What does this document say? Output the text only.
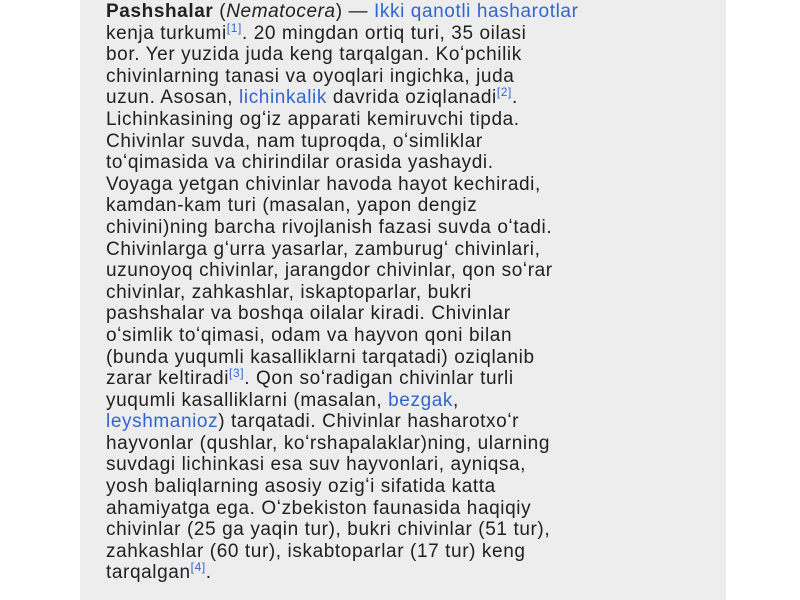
Pashshalar (Nematocera) — Ikki qanotli hasharotlar
kenja turkumi[1]. 20 mingdan ortiq turi, 35 oilasi
bor. Yer yuzida juda keng tarqalgan. Koʻpchilik
chivinlarning tanasi va oyoqlari ingichka, juda
uzun. Asosan, lichinkalik davrida oziqlanadi[2].
Lichinkasining ogʻiz apparati kemiruvchi tipda.
Chivinlar suvda, nam tuproqda, oʻsimliklar
toʻqimasida va chirindilar orasida yashaydi.
Voyaga yetgan chivinlar havoda hayot kechiradi,
kamdan-kam turi (masalan, yapon dengiz
chivini)ning barcha rivojlanish fazasi suvda oʻtadi.
Chivinlarga gʻurra yasarlar, zamburugʻ chivinlari,
uzunoyoq chivinlar, jarangdor chivinlar, qon soʻrar
chivinlar, zahkashlar, iskaptoparlar, bukri
pashshalar va boshqa oilalar kiradi. Chivinlar
oʻsimlik toʻqimasi, odam va hayvon qoni bilan
(bunda yuqumli kasalliklarni tarqatadi) oziqlanib
zarar keltiradi[3]. Qon soʻradigan chivinlar turli
yuqumli kasalliklarni (masalan, bezgak,
leyshmanioz) tarqatadi. Chivinlar hasharotxoʻr
hayvonlar (qushlar, koʻrshapalaklar)ning, ularning
suvdagi lichinkasi esa suv hayvonlari, ayniqsa,
yosh baliqlarning asosiy ozigʻi sifatida katta
ahamiyatga ega. Oʻzbekiston faunasida haqiqiy
chivinlar (25 ga yaqin tur), bukri chivinlar (51 tur),
zahkashlar (60 tur), iskabtoparlar (17 tur) keng
tarqalgan[4].
